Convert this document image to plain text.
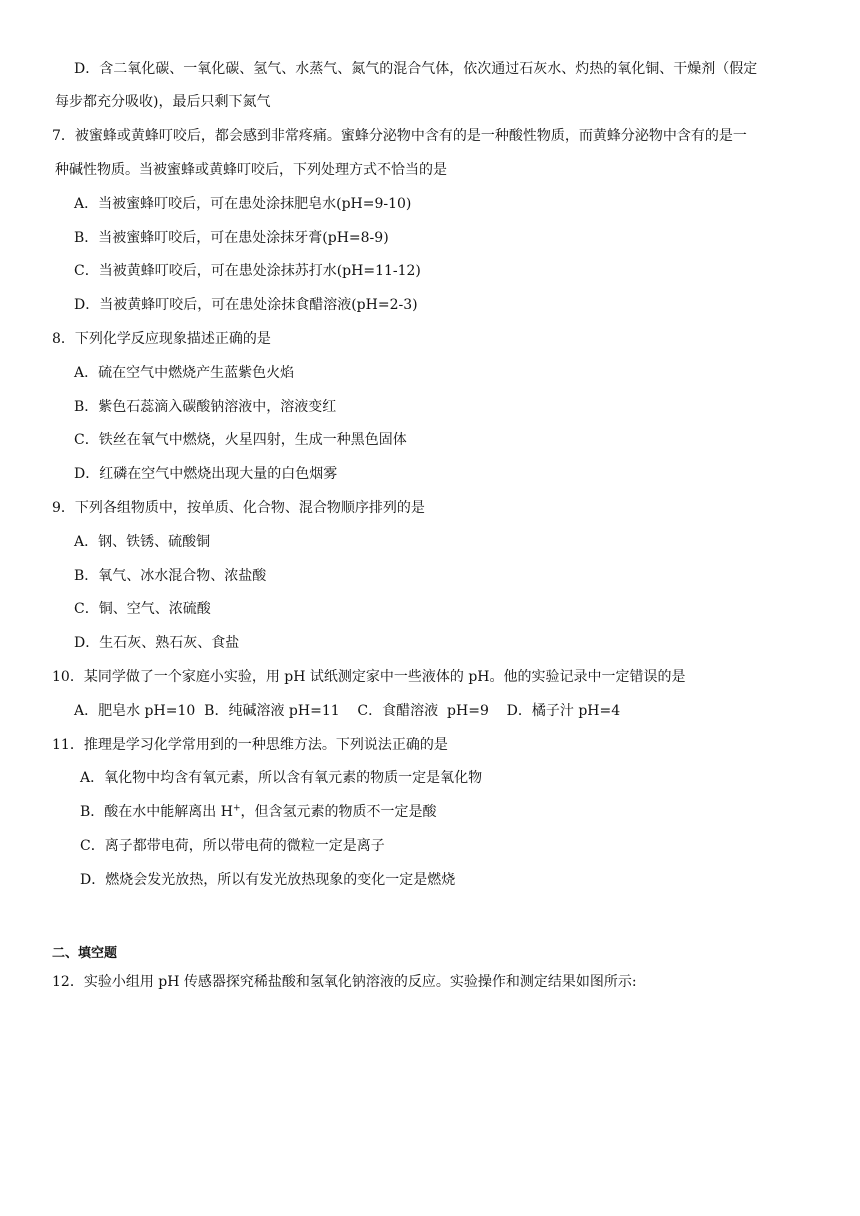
D．含二氧化碳、一氧化碳、氢气、水蒸气、氮气的混合气体，依次通过石灰水、灼热的氧化铜、干燥剂（假定
每步都充分吸收)，最后只剩下氮气
7．被蜜蜂或黄蜂叮咬后，都会感到非常疼痛。蜜蜂分泌物中含有的是一种酸性物质，而黄蜂分泌物中含有的是一
种碱性物质。当被蜜蜂或黄蜂叮咬后，下列处理方式不恰当的是
A．当被蜜蜂叮咬后，可在患处涂抹肥皂水(pH=9-10)
B．当被蜜蜂叮咬后，可在患处涂抹牙膏(pH=8-9)
C．当被黄蜂叮咬后，可在患处涂抹苏打水(pH=11-12)
D．当被黄蜂叮咬后，可在患处涂抹食醋溶液(pH=2-3)
8．下列化学反应现象描述正确的是
A．硫在空气中燃烧产生蓝紫色火焰
B．紫色石蕊滴入碳酸钠溶液中，溶液变红
C．铁丝在氧气中燃烧，火星四射，生成一种黑色固体
D．红磷在空气中燃烧出现大量的白色烟雾
9．下列各组物质中，按单质、化合物、混合物顺序排列的是
A．钢、铁锈、硫酸铜
B．氧气、冰水混合物、浓盐酸
C．铜、空气、浓硫酸
D．生石灰、熟石灰、食盐
10．某同学做了一个家庭小实验，用 pH 试纸测定家中一些液体的 pH。他的实验记录中一定错误的是
A．肥皂水 pH=10  B．纯碱溶液 pH=11    C．食醋溶液  pH=9    D．橘子汁 pH=4
11．推理是学习化学常用到的一种思维方法。下列说法正确的是
A．氧化物中均含有氧元素，所以含有氧元素的物质一定是氧化物
B．酸在水中能解离出 H+，但含氢元素的物质不一定是酸
C．离子都带电荷，所以带电荷的微粒一定是离子
D．燃烧会发光放热，所以有发光放热现象的变化一定是燃烧
二、填空题
12．实验小组用 pH 传感器探究稀盐酸和氢氧化钠溶液的反应。实验操作和测定结果如图所示:
